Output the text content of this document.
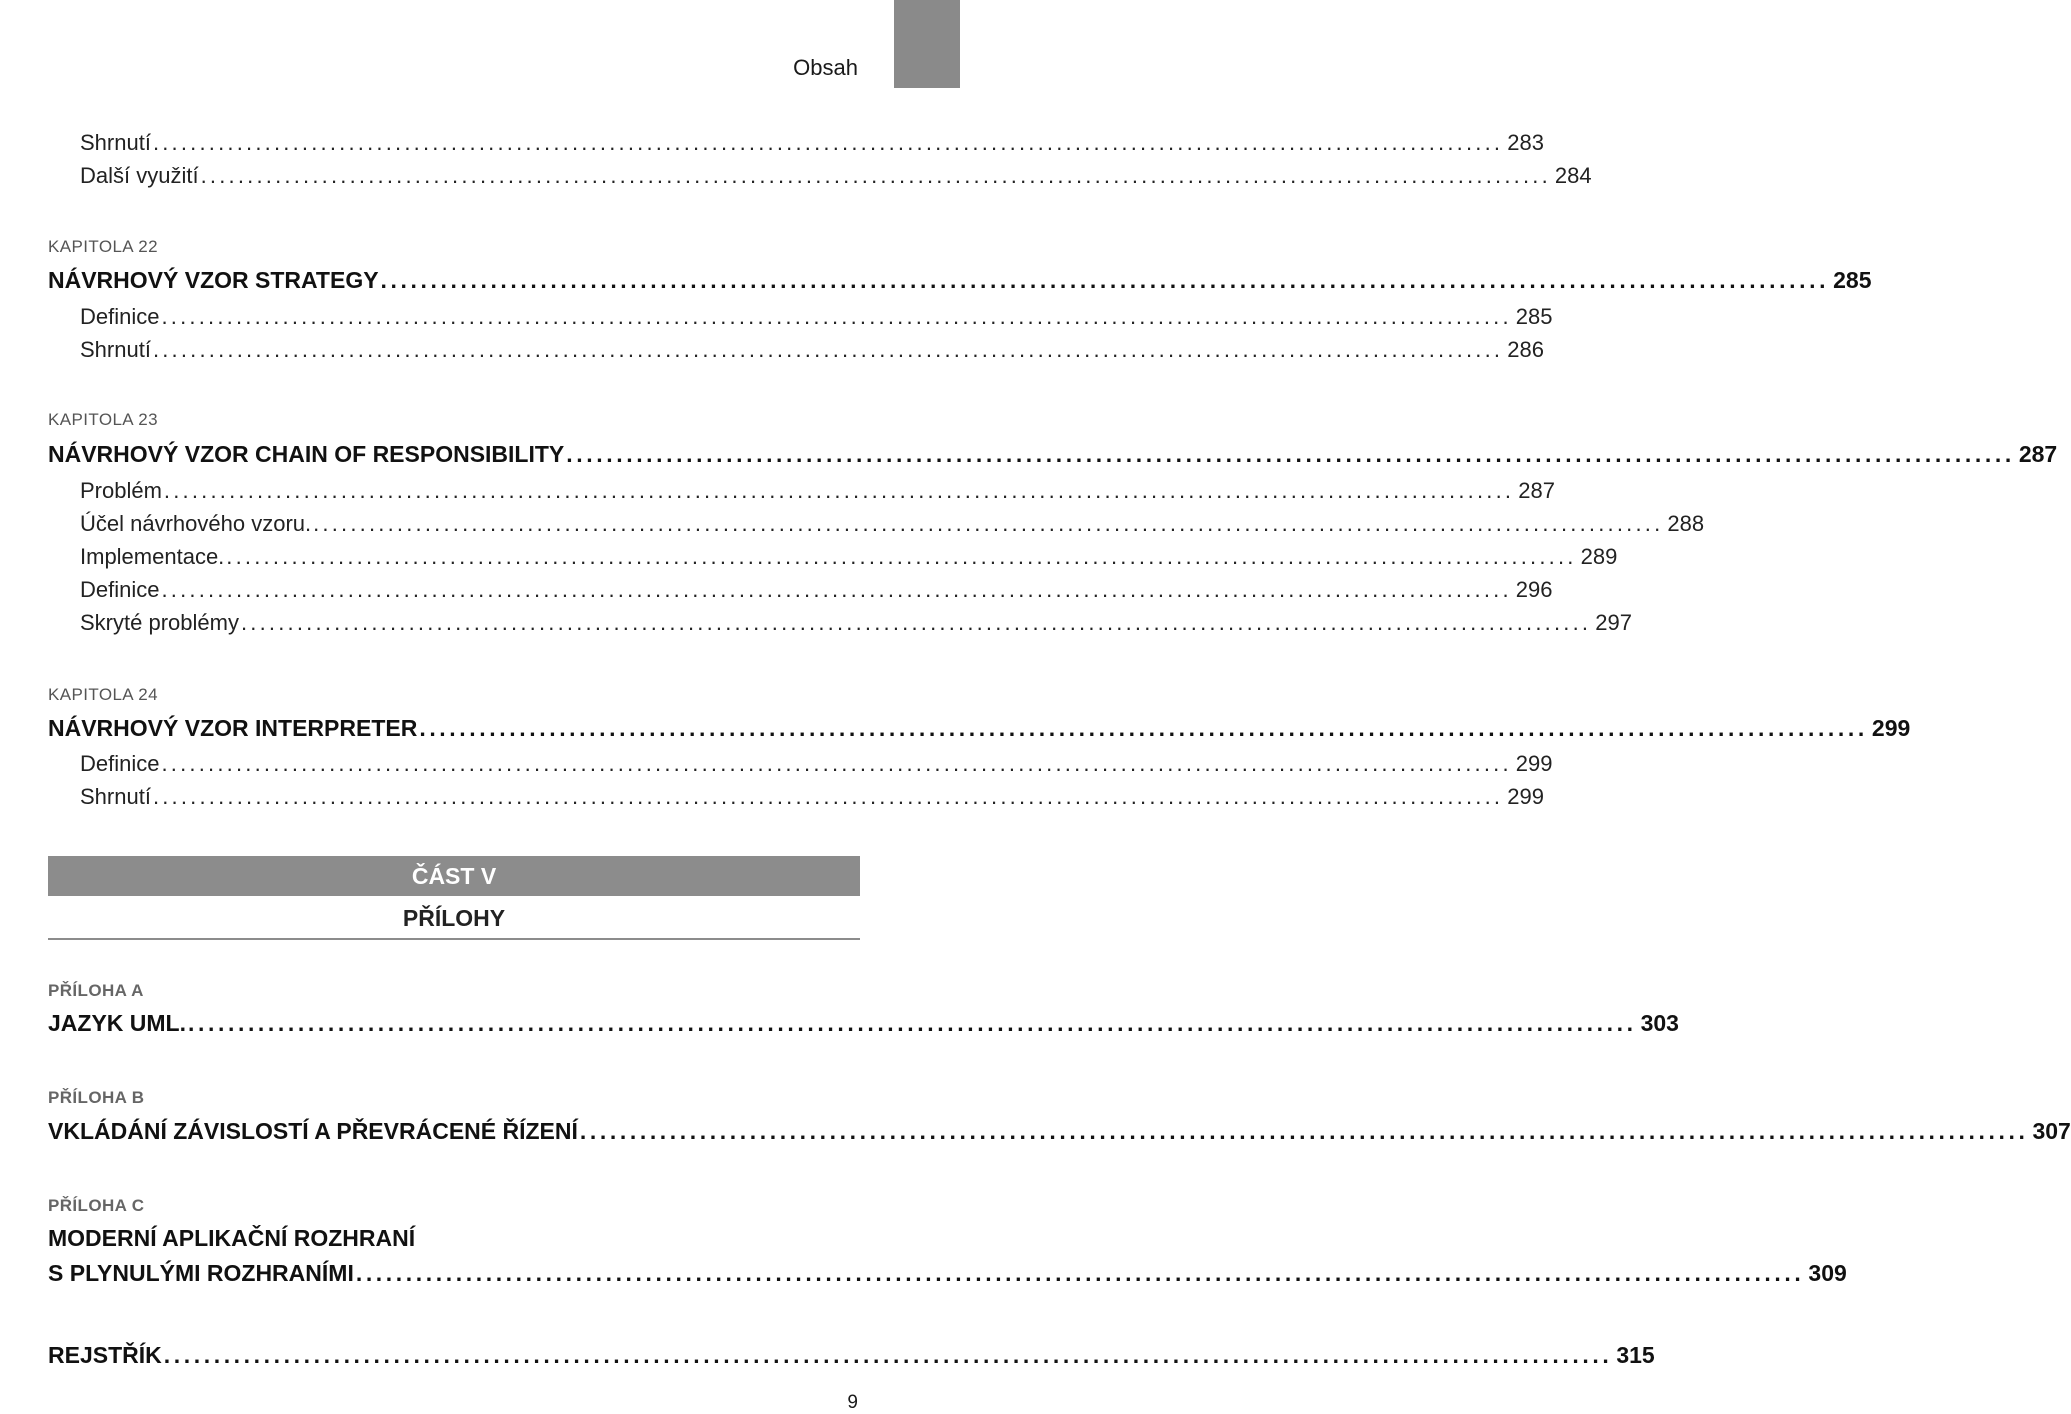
Obsah
Shrnutí ................................................................................................................................................. 283
Další využití ................................................................................................................................................. 284
KAPITOLA 22
NÁVRHOVÝ VZOR STRATEGY ................................................................................................................................................. 285
Definice ................................................................................................................................................. 285
Shrnutí ................................................................................................................................................. 286
KAPITOLA 23
NÁVRHOVÝ VZOR CHAIN OF RESPONSIBILITY ................................................................................................................................................. 287
Problém ................................................................................................................................................. 287
Účel návrhového vzoru. ................................................................................................................................................. 288
Implementace. ................................................................................................................................................. 289
Definice ................................................................................................................................................. 296
Skryté problémy ................................................................................................................................................. 297
KAPITOLA 24
NÁVRHOVÝ VZOR INTERPRETER ................................................................................................................................................. 299
Definice ................................................................................................................................................. 299
Shrnutí ................................................................................................................................................. 299
ČÁST V
PŘÍLOHY
PŘÍLOHA A
JAZYK UML. ................................................................................................................................................. 303
PŘÍLOHA B
VKLÁDÁNÍ ZÁVISLOSTÍ A PŘEVRÁCENÉ ŘÍZENÍ ................................................................................................................................................. 307
PŘÍLOHA C
MODERNÍ APLIKAČNÍ ROZHRANÍ
S PLYNULÝMI ROZHRANÍMI ................................................................................................................................................. 309
REJSTŘÍK ................................................................................................................................................. 315
9
